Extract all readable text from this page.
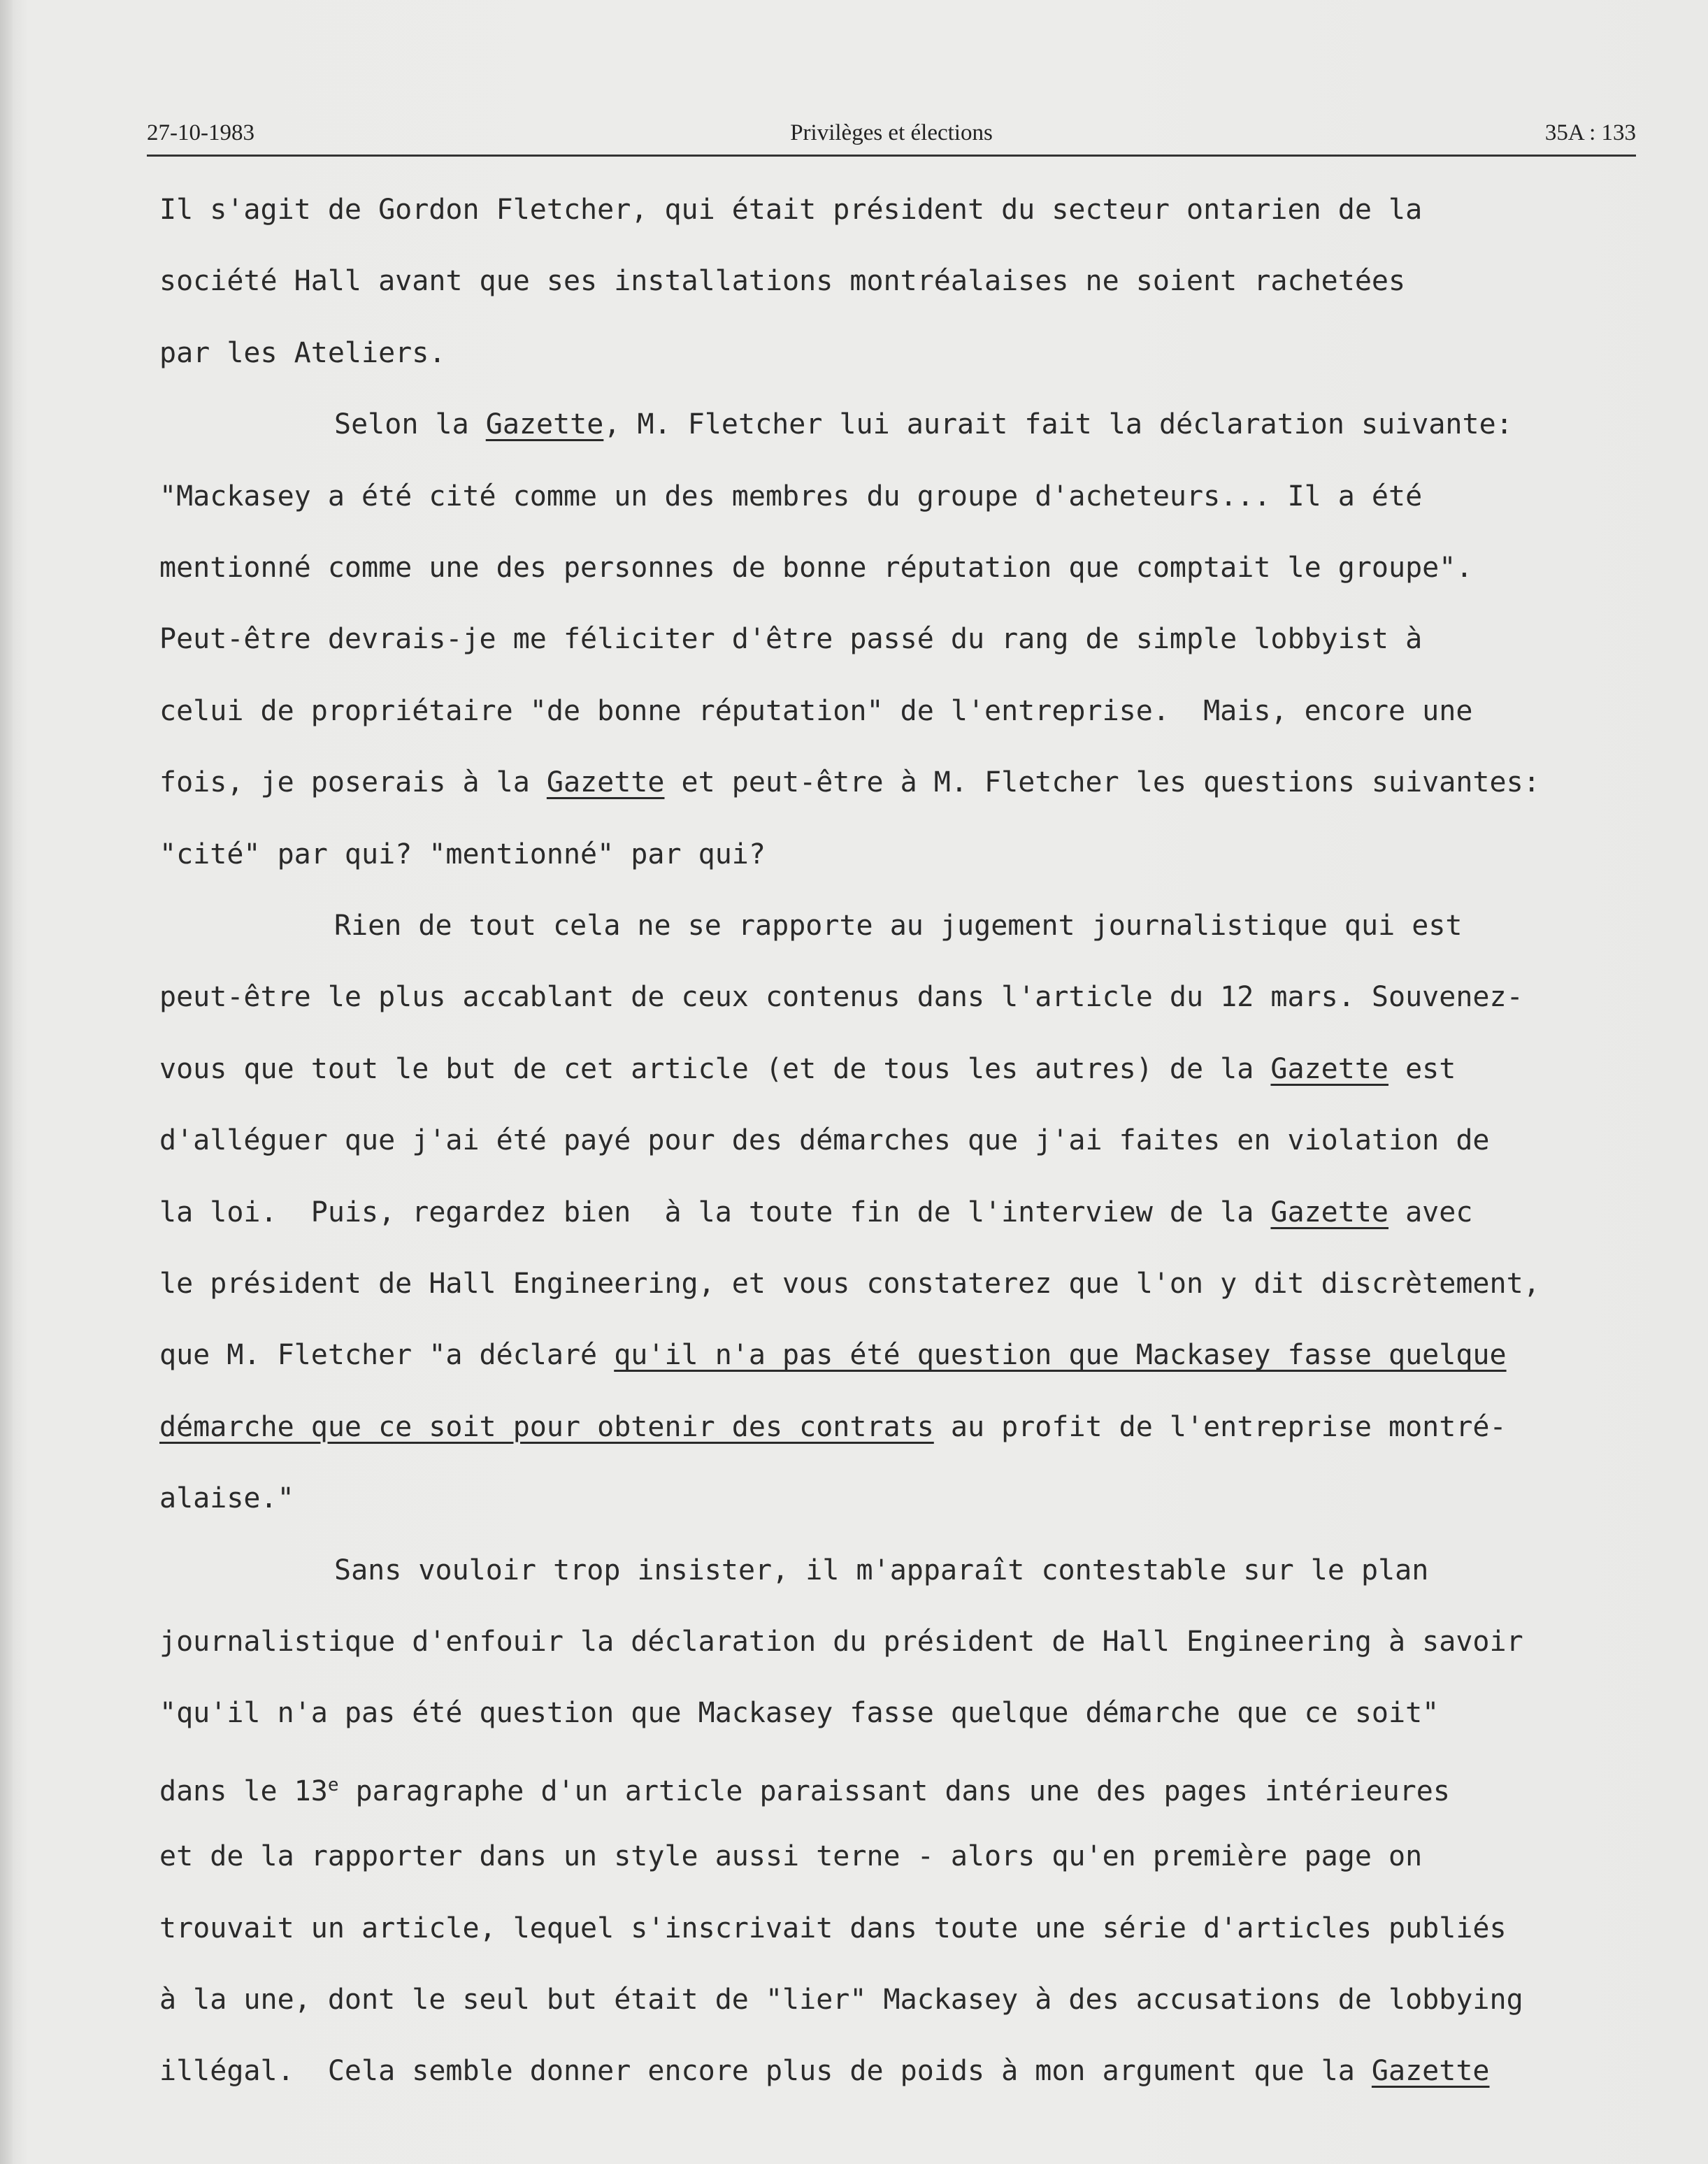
27-10-1983	Privilèges et élections	35A : 133
Il s'agit de Gordon Fletcher, qui était président du secteur ontarien de la
société Hall avant que ses installations montréalaises ne soient rachetées
par les Ateliers.
Selon la Gazette, M. Fletcher lui aurait fait la déclaration suivante:
"Mackasey a été cité comme un des membres du groupe d'acheteurs... Il a été
mentionné comme une des personnes de bonne réputation que comptait le groupe".
Peut-être devrais-je me féliciter d'être passé du rang de simple lobbyist à
celui de propriétaire "de bonne réputation" de l'entreprise.  Mais, encore une
fois, je poserais à la Gazette et peut-être à M. Fletcher les questions suivantes:
"cité" par qui? "mentionné" par qui?
Rien de tout cela ne se rapporte au jugement journalistique qui est
peut-être le plus accablant de ceux contenus dans l'article du 12 mars. Souvenez-
vous que tout le but de cet article (et de tous les autres) de la Gazette est
d'alléguer que j'ai été payé pour des démarches que j'ai faites en violation de
la loi.  Puis, regardez bien  à la toute fin de l'interview de la Gazette avec
le président de Hall Engineering, et vous constaterez que l'on y dit discrètement,
que M. Fletcher "a déclaré qu'il n'a pas été question que Mackasey fasse quelque
démarche que ce soit pour obtenir des contrats au profit de l'entreprise montré-
alaise."
Sans vouloir trop insister, il m'apparaît contestable sur le plan
journalistique d'enfouir la déclaration du président de Hall Engineering à savoir
"qu'il n'a pas été question que Mackasey fasse quelque démarche que ce soit"
dans le 13e paragraphe d'un article paraissant dans une des pages intérieures
et de la rapporter dans un style aussi terne - alors qu'en première page on
trouvait un article, lequel s'inscrivait dans toute une série d'articles publiés
à la une, dont le seul but était de "lier" Mackasey à des accusations de lobbying
illégal.  Cela semble donner encore plus de poids à mon argument que la Gazette
